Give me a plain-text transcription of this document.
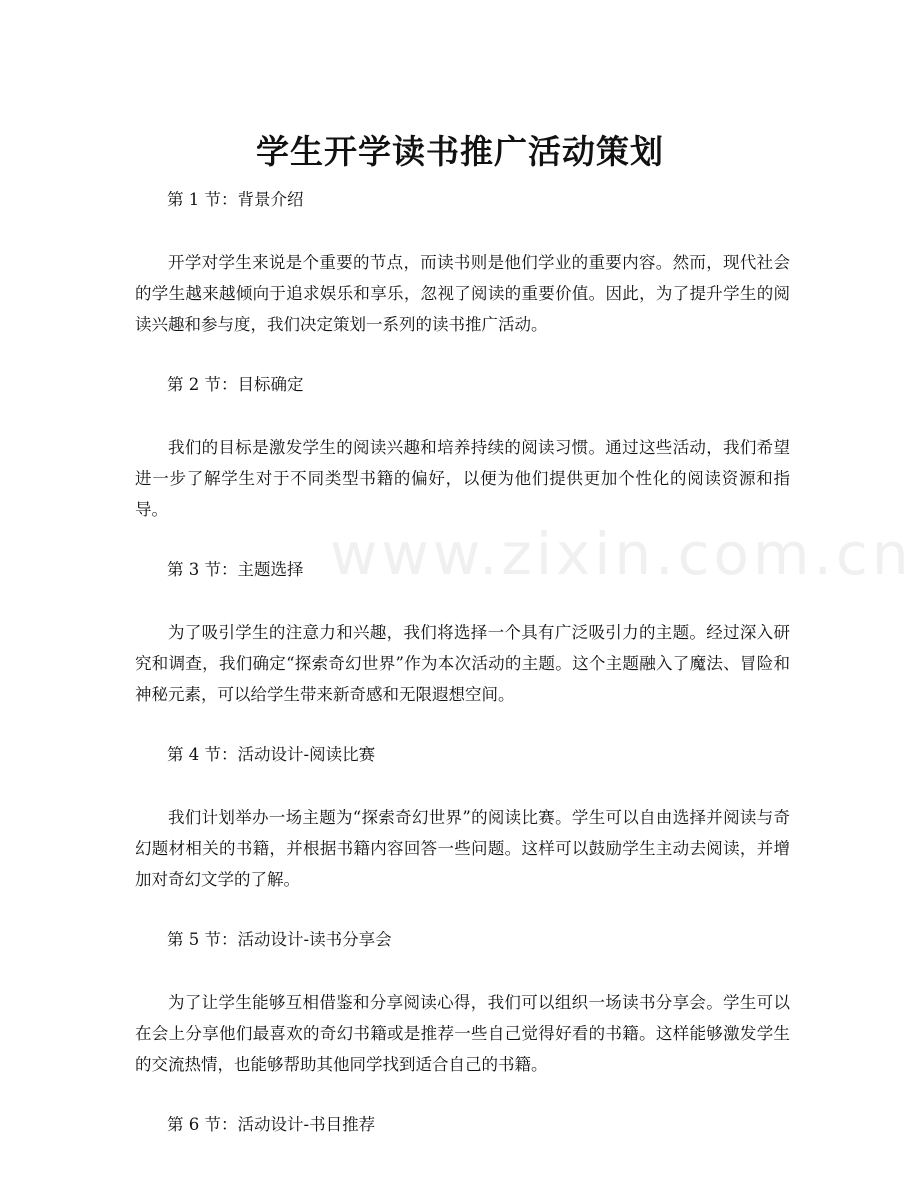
www.zixin.com.cn
学生开学读书推广活动策划
第 1 节：背景介绍

开学对学生来说是个重要的节点，而读书则是他们学业的重要内容。然而，现代社会的学生越来越倾向于追求娱乐和享乐，忽视了阅读的重要价值。因此，为了提升学生的阅读兴趣和参与度，我们决定策划一系列的读书推广活动。

第 2 节：目标确定

我们的目标是激发学生的阅读兴趣和培养持续的阅读习惯。通过这些活动，我们希望进一步了解学生对于不同类型书籍的偏好，以便为他们提供更加个性化的阅读资源和指导。

第 3 节：主题选择

为了吸引学生的注意力和兴趣，我们将选择一个具有广泛吸引力的主题。经过深入研究和调查，我们确定“探索奇幻世界”作为本次活动的主题。这个主题融入了魔法、冒险和神秘元素，可以给学生带来新奇感和无限遐想空间。

第 4 节：活动设计-阅读比赛

我们计划举办一场主题为“探索奇幻世界”的阅读比赛。学生可以自由选择并阅读与奇幻题材相关的书籍，并根据书籍内容回答一些问题。这样可以鼓励学生主动去阅读，并增加对奇幻文学的了解。

第 5 节：活动设计-读书分享会

为了让学生能够互相借鉴和分享阅读心得，我们可以组织一场读书分享会。学生可以在会上分享他们最喜欢的奇幻书籍或是推荐一些自己觉得好看的书籍。这样能够激发学生的交流热情，也能够帮助其他同学找到适合自己的书籍。

第 6 节：活动设计-书目推荐
